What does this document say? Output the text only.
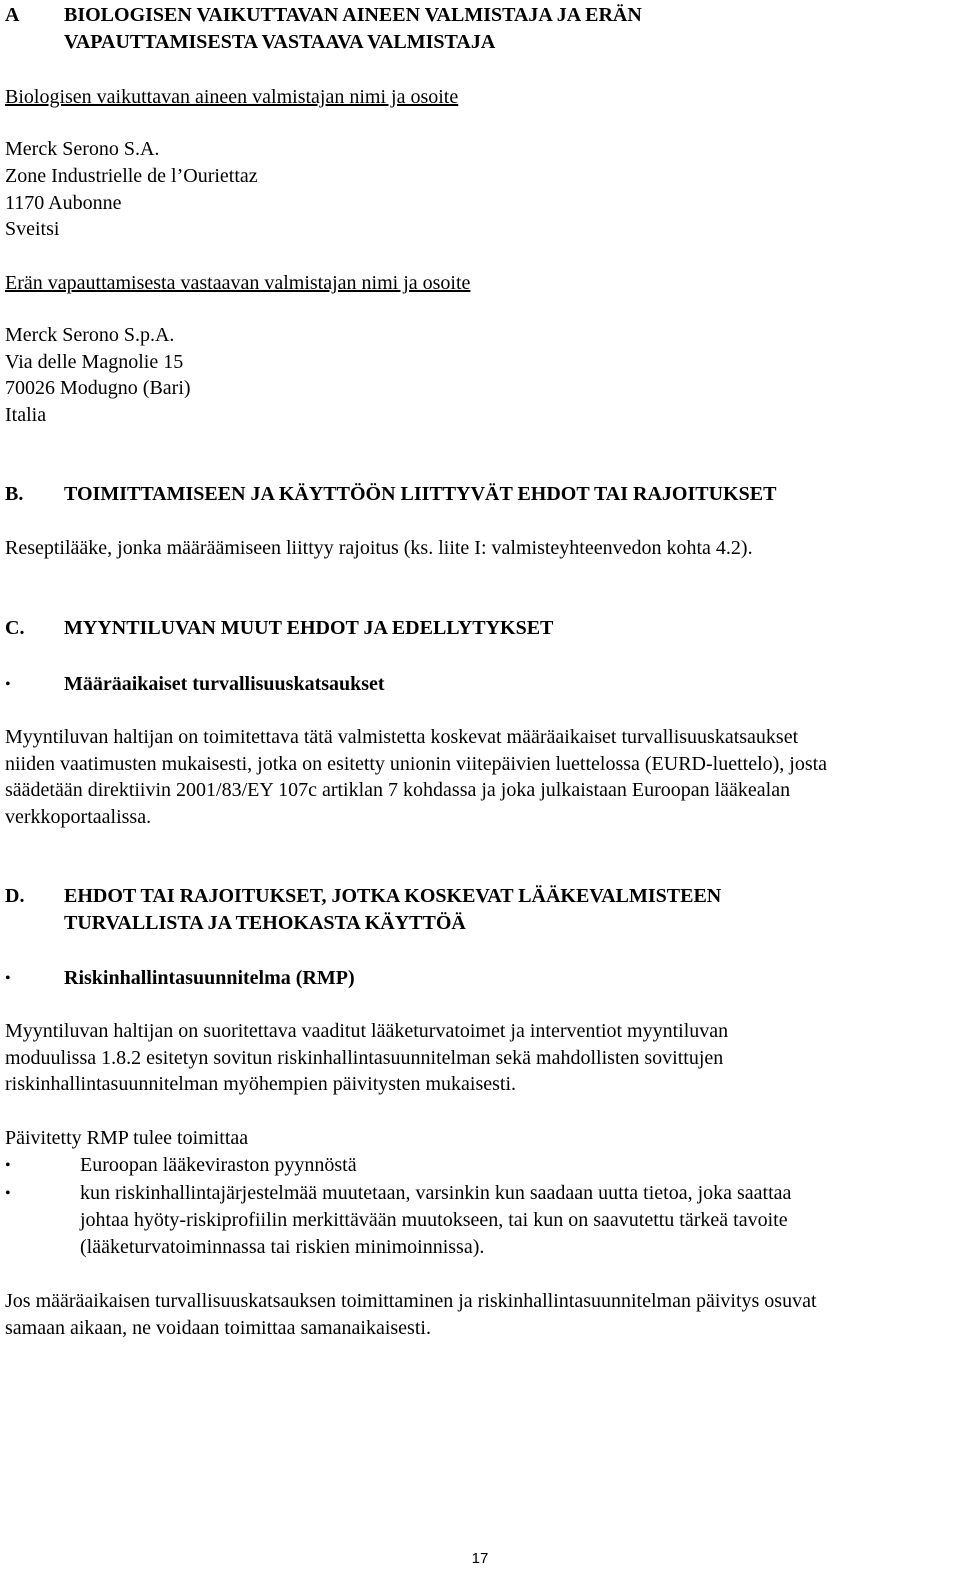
A BIOLOGISEN VAIKUTTAVAN AINEEN VALMISTAJA JA ERÄN
VAPAUTTAMISESTA VASTAAVA VALMISTAJA
Biologisen vaikuttavan aineen valmistajan nimi ja osoite
Merck Serono S.A.
Zone Industrielle de l’Ouriettaz
1170 Aubonne
Sveitsi
Erän vapauttamisesta vastaavan valmistajan nimi ja osoite
Merck Serono S.p.A.
Via delle Magnolie 15
70026 Modugno (Bari)
Italia
B. TOIMITTAMISEEN JA KÄYTTÖÖN LIITTYVÄT EHDOT TAI RAJOITUKSET
Reseptilääke, jonka määräämiseen liittyy rajoitus (ks. liite I: valmisteyhteenvedon kohta 4.2).
C. MYYNTILUVAN MUUT EHDOT JA EDELLYTYKSET
•	Määräaikaiset turvallisuuskatsaukset
Myyntiluvan haltijan on toimitettava tätä valmistetta koskevat määräaikaiset turvallisuuskatsaukset
niiden vaatimusten mukaisesti, jotka on esitetty unionin viitepäivien luettelossa (EURD-luettelo), josta
säädetään direktiivin 2001/83/EY 107c artiklan 7 kohdassa ja joka julkaistaan Euroopan lääkealan
verkkoportaalissa.
D. EHDOT TAI RAJOITUKSET, JOTKA KOSKEVAT LÄÄKEVALMISTEEN
TURVALLISTA JA TEHOKASTA KÄYTTÖÄ
•	Riskinhallintasuunnitelma (RMP)
Myyntiluvan haltijan on suoritettava vaaditut lääketurvatoimet ja interventiot myyntiluvan
moduulissa 1.8.2 esitetyn sovitun riskinhallintasuunnitelman sekä mahdollisten sovittujen
riskinhallintasuunnitelman myöhempien päivitysten mukaisesti.
Päivitetty RMP tulee toimittaa
•	Euroopan lääkeviraston pyynnöstä
•	kun riskinhallintajärjestelmää muutetaan, varsinkin kun saadaan uutta tietoa, joka saattaa
johtaa hyöty-riskiprofiilin merkittävään muutokseen, tai kun on saavutettu tärkeä tavoite
(lääketurvatoiminnassa tai riskien minimoinnissa).
Jos määräaikaisen turvallisuuskatsauksen toimittaminen ja riskinhallintasuunnitelman päivitys osuvat
samaan aikaan, ne voidaan toimittaa samanaikaisesti.
17
